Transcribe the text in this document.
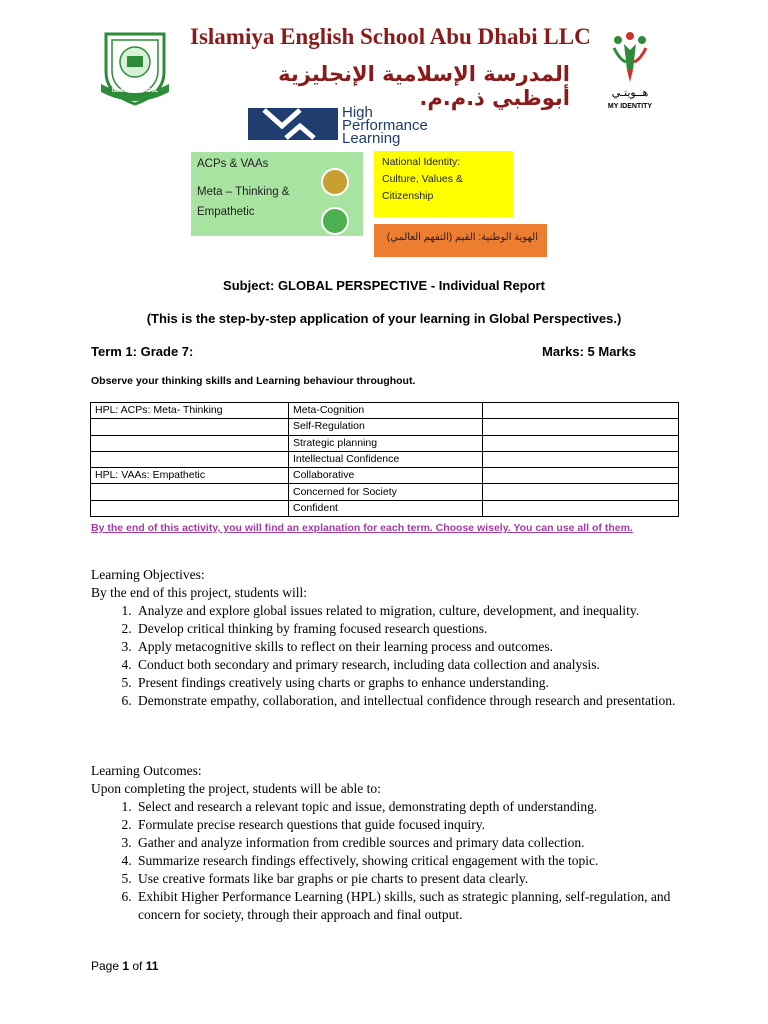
ISLAMIYA SCHOOL
Islamiya English School Abu Dhabi LLC
المدرسة الإسلامية الإنجليزية أبوظبي ذ.م.م.	هــويتـي
MY IDENTITY
High
Performance
Learning
ACPs & VAAs
Meta – Thinking &
Empathetic
National Identity:
Culture, Values &
Citizenship
الهوية الوطنية: القيم (التفهم العالمي)
Subject: GLOBAL PERSPECTIVE - Individual Report
(This is the step-by-step application of your learning in Global Perspectives.)
Term 1: Grade 7:	Marks: 5 Marks
Observe your thinking skills and Learning behaviour throughout.
HPL: ACPs: Meta- Thinking	Meta-Cognition	
	Self-Regulation	
	Strategic planning	
	Intellectual Confidence	
HPL: VAAs: Empathetic	Collaborative	
	Concerned for Society	
	Confident	
By the end of this activity, you will find an explanation for each term. Choose wisely. You can use all of them.
Learning Objectives:
By the end of this project, students will:
1. Analyze and explore global issues related to migration, culture, development, and inequality.
2. Develop critical thinking by framing focused research questions.
3. Apply metacognitive skills to reflect on their learning process and outcomes.
4. Conduct both secondary and primary research, including data collection and analysis.
5. Present findings creatively using charts or graphs to enhance understanding.
6. Demonstrate empathy, collaboration, and intellectual confidence through research and presentation.
Learning Outcomes:
Upon completing the project, students will be able to:
1. Select and research a relevant topic and issue, demonstrating depth of understanding.
2. Formulate precise research questions that guide focused inquiry.
3. Gather and analyze information from credible sources and primary data collection.
4. Summarize research findings effectively, showing critical engagement with the topic.
5. Use creative formats like bar graphs or pie charts to present data clearly.
6. Exhibit Higher Performance Learning (HPL) skills, such as strategic planning, self-regulation, and concern for society, through their approach and final output.
Page 1 of 11
